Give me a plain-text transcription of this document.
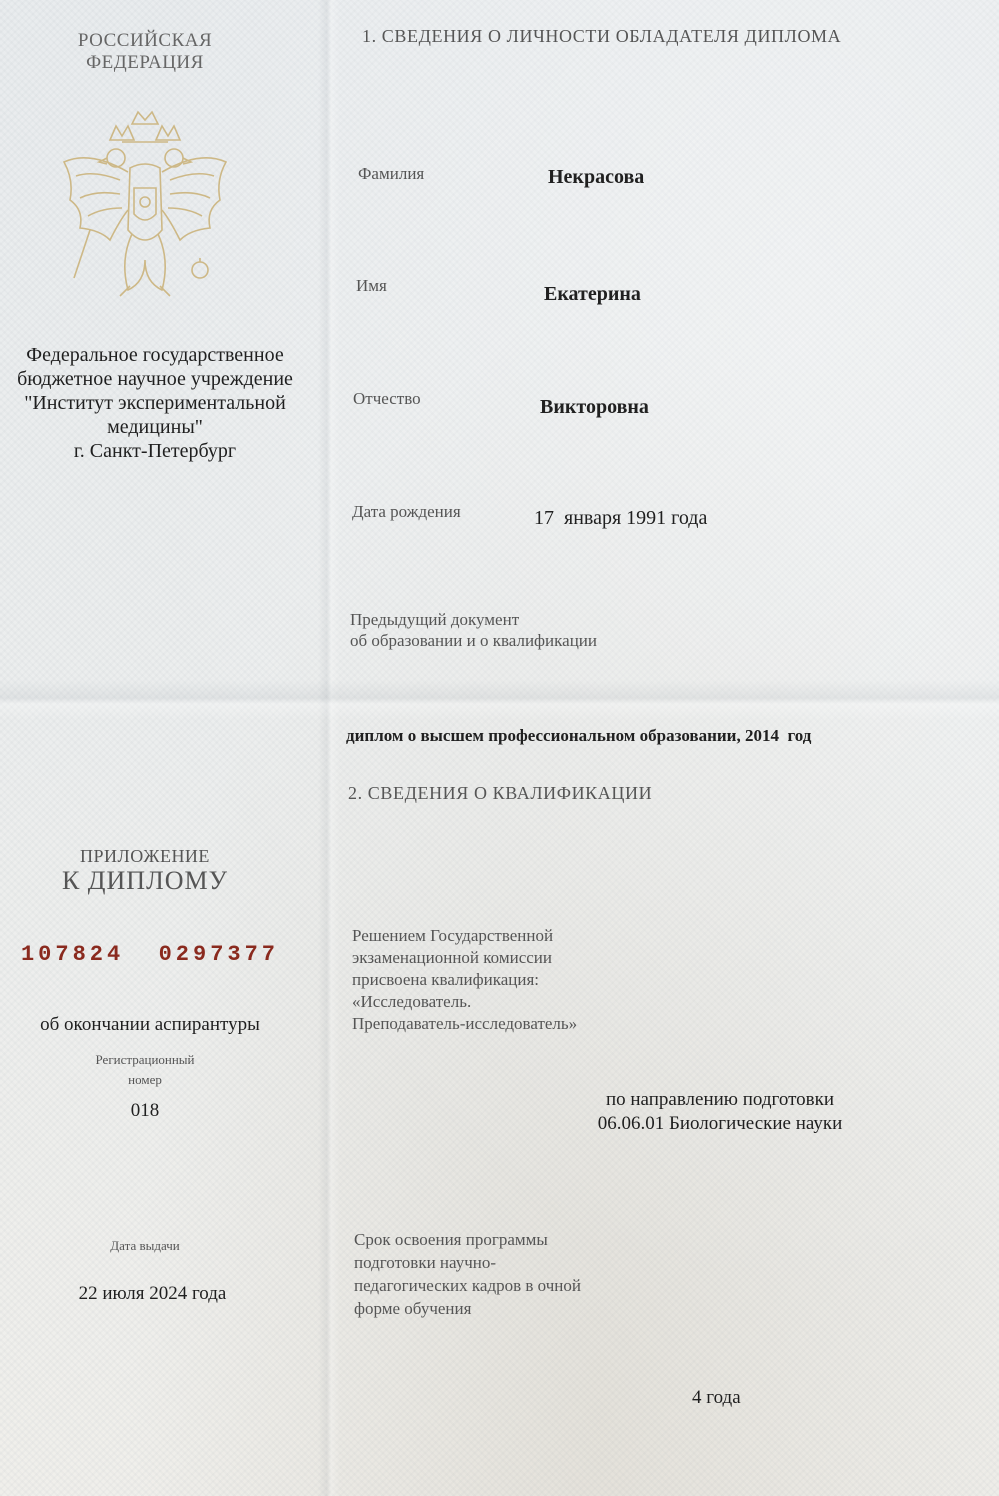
РОССИЙСКАЯ
ФЕДЕРАЦИЯ
Федеральное государственное
бюджетное научное учреждение
"Институт экспериментальной
медицины"
г. Санкт-Петербург
ПРИЛОЖЕНИЕ
К ДИПЛОМУ
107824  0297377
об окончании аспирантуры
Регистрационный
номер
018
Дата выдачи
22 июля 2024 года
1. СВЕДЕНИЯ О ЛИЧНОСТИ ОБЛАДАТЕЛЯ ДИПЛОМА
Фамилия	Некрасова
Имя	Екатерина
Отчество	Викторовна
Дата рождения	17  января 1991 года
Предыдущий документ
об образовании и о квалификации
диплом о высшем профессиональном образовании, 2014  год
2. СВЕДЕНИЯ О КВАЛИФИКАЦИИ
Решением Государственной
экзаменационной комиссии
присвоена квалификация:
«Исследователь.
Преподаватель-исследователь»
по направлению подготовки
06.06.01 Биологические науки
Срок освоения программы
подготовки научно-
педагогических кадров в очной
форме обучения
4 года
